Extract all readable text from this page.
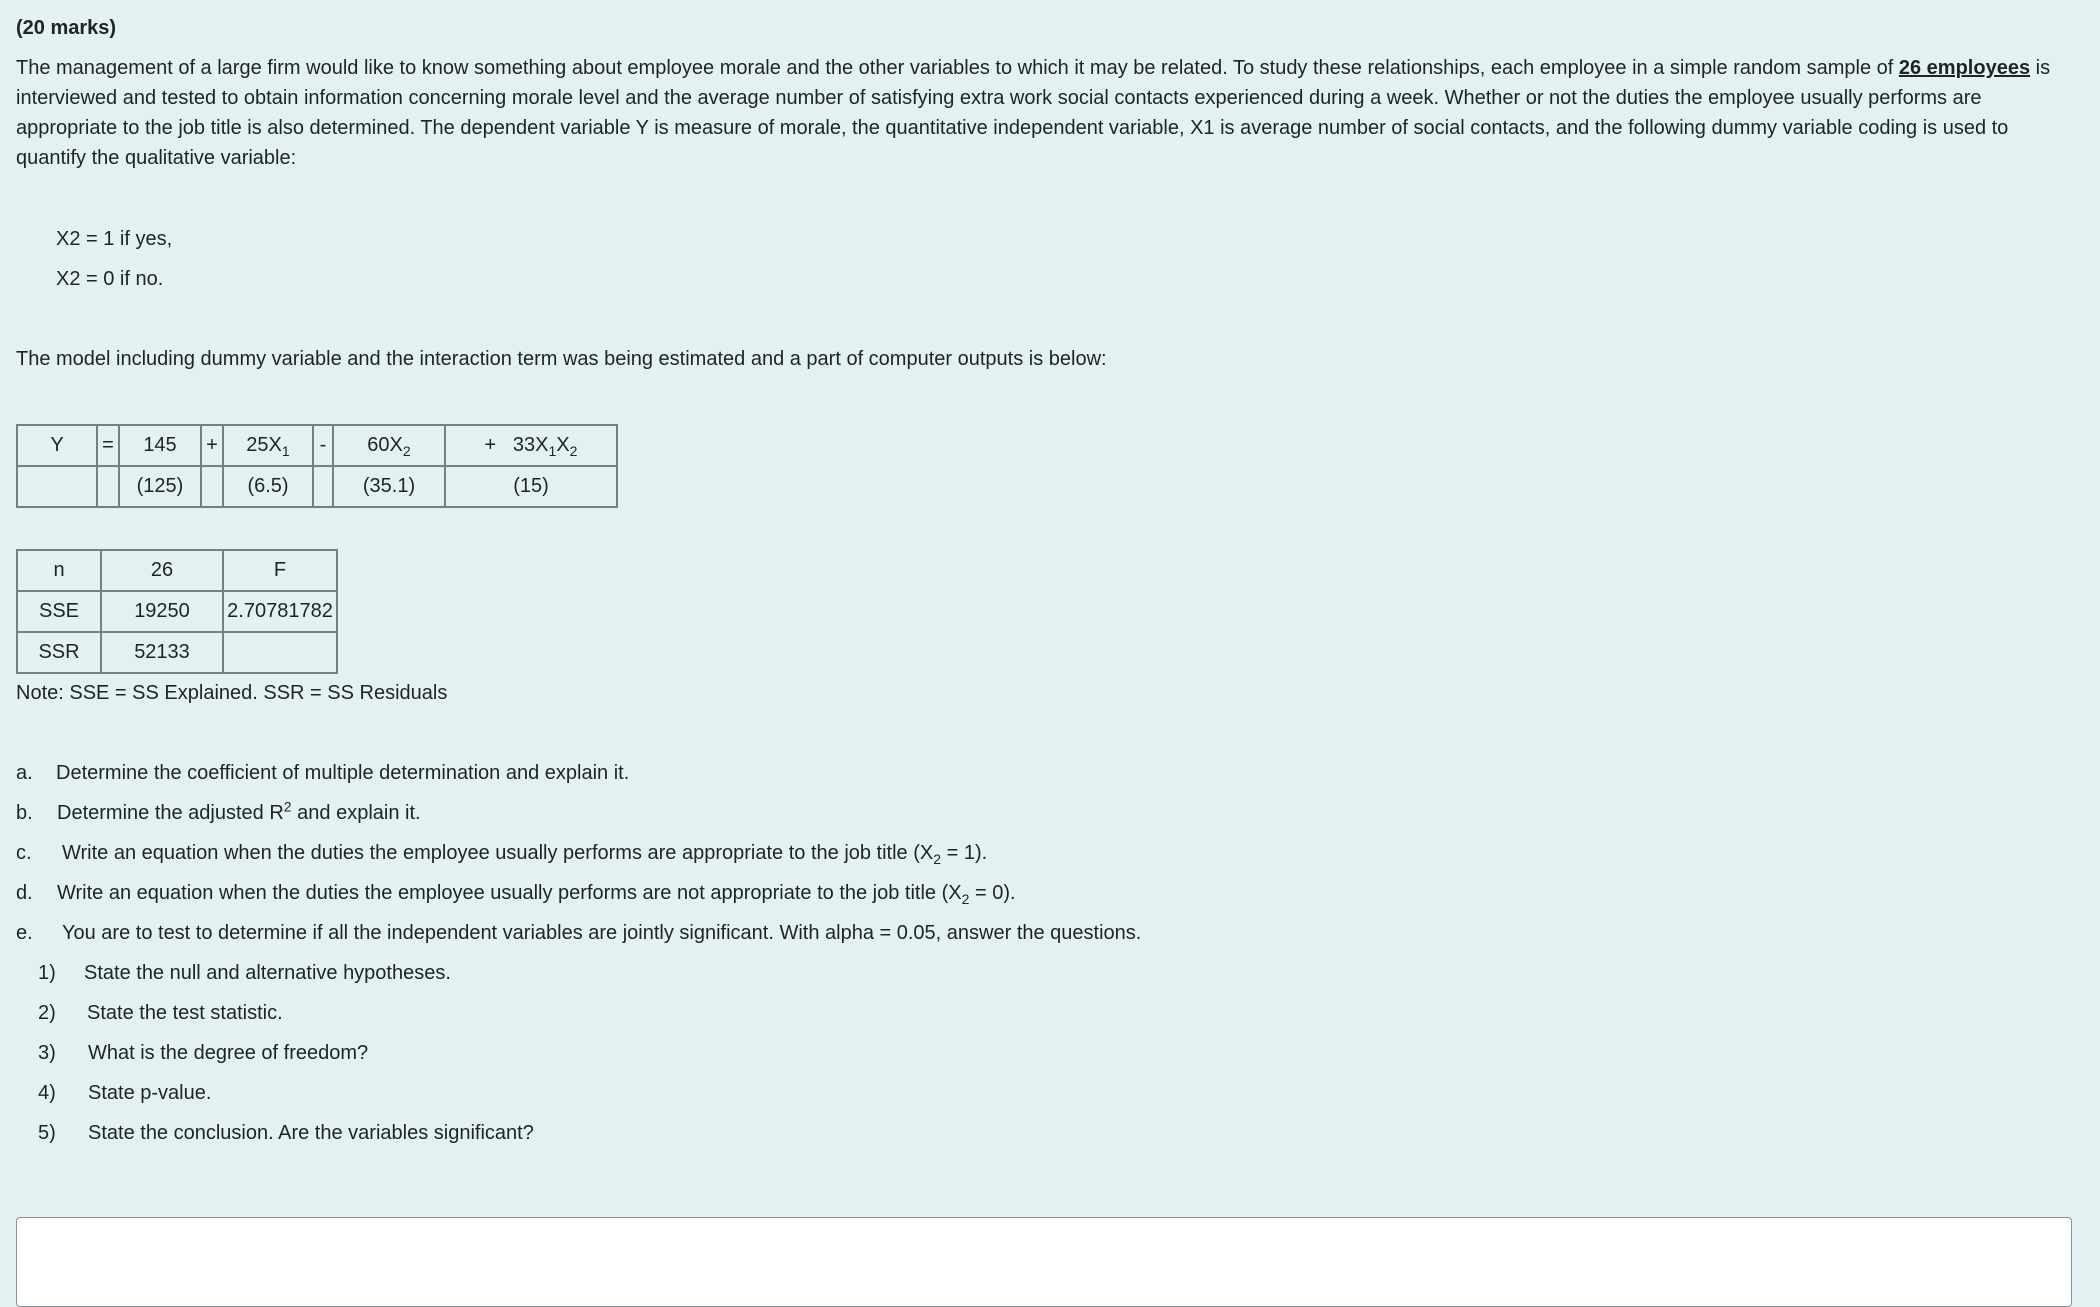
(20 marks)
The management of a large firm would like to know something about employee morale and the other variables to which it may be related. To study these relationships, each employee in a simple random sample of 26 employees is interviewed and tested to obtain information concerning morale level and the average number of satisfying extra work social contacts experienced during a week. Whether or not the duties the employee usually performs are appropriate to the job title is also determined. The dependent variable Y is measure of morale, the quantitative independent variable, X1 is average number of social contacts, and the following dummy variable coding is used to quantify the qualitative variable:
X2 = 1 if yes,
X2 = 0 if no.
The model including dummy variable and the interaction term was being estimated and a part of computer outputs is below:
Y	=	145	+	$25X_1$	-	$60X_2$	+ $33X_1X_2$
		(125)		(6.5)		(35.1)	(15)
n	26	F
SSE	19250	2.70781782
SSR	52133	
Note: SSE = SS Explained. SSR = SS Residuals
a. Determine the coefficient of multiple determination and explain it.
b. Determine the adjusted $R^2$ and explain it.
c. Write an equation when the duties the employee usually performs are appropriate to the job title $(X_2 = 1)$.
d. Write an equation when the duties the employee usually performs are not appropriate to the job title $(X_2 = 0)$.
e. You are to test to determine if all the independent variables are jointly significant. With alpha = 0.05, answer the questions.
1) State the null and alternative hypotheses.
2) State the test statistic.
3) What is the degree of freedom?
4) State p-value.
5) State the conclusion. Are the variables significant?
